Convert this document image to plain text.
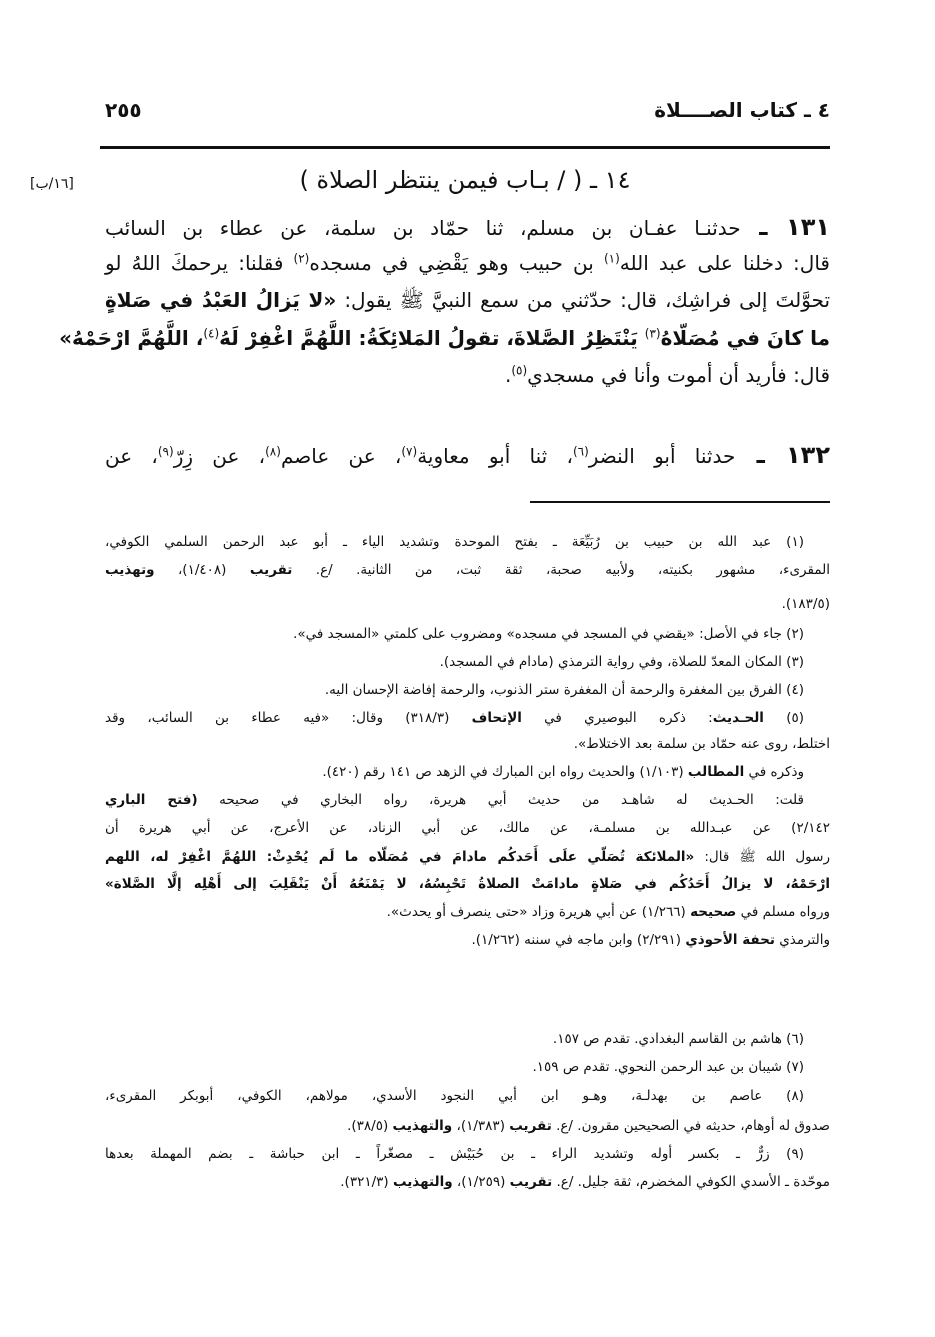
٤ ـ كتاب الصــــلاة
٢٥٥
[١٦/ب]	١٤ ـ ( / بـاب فيمن ينتظر الصلاة )
١٣١ ـ حدثنـا عفـان بن مسلم، ثنا حمّاد بن سلمة، عن عطاء بن السائب
قال: دخلنا على عبد الله$^{(١)}$ بن حبيب وهو يَقْضِي في مسجده$^{(٢)}$ فقلنا: يرحمكَ اللهُ لو
تحوَّلتَ إلى فراشِك، قال: حدّثني من سمع النبيَّ ﷺ يقول: «لا يَزالُ العَبْدُ في صَلاةٍ
ما كانَ في مُصَلّاهُ$^{(٣)}$ يَنْتَظِرُ الصَّلاةَ، تقولُ المَلائِكَةُ: اللَّهُمَّ اغْفِرْ لَهُ$^{(٤)}$، اللَّهُمَّ ارْحَمْهُ»
قال: فأريد أن أموت وأنا في مسجدي$^{(٥)}$.
١٣٢ ـ حدثنا أبو النضر$^{(٦)}$، ثنا أبو معاوية$^{(٧)}$، عن عاصم$^{(٨)}$، عن زِرّ$^{(٩)}$، عن
(١) عبد الله بن حبيب بن رُبَيِّعَة ـ بفتح الموحدة وتشديد الياء ـ أبو عبد الرحمن السلمي الكوفي،
المقرىء، مشهور بكنيته، ولأبيه صحبة، ثقة ثبت، من الثانية. /ع. تقريب (١/٤٠٨)، وتهذيب
(١٨٣/٥).
(٢) جاء في الأصل: «يقضي في المسجد في مسجده» ومضروب على كلمتي «المسجد في».
(٣) المكان المعدّ للصلاة، وفي رواية الترمذي (مادام في المسجد).
(٤) الفرق بين المغفرة والرحمة أن المغفرة ستر الذنوب، والرحمة إفاضة الإحسان اليه.
(٥) الحـديث: ذكره البوصيري في الإتحاف (٣١٨/٣) وقال: «فيه عطاء بن السائب، وقد
اختلط، روى عنه حمّاد بن سلمة بعد الاختلاط».
وذكره في المطالب (١/١٠٣) والحديث رواه ابن المبارك في الزهد ص ١٤١ رقم (٤٢٠).
قلت: الحـديث له شاهـد من حديث أبي هريرة، رواه البخاري في صحيحه (فتح الباري
٢/١٤٢) عن عبـدالله بن مسلمـة، عن مالك، عن أبي الزناد، عن الأعرج، عن أبي هريرة أن
رسول الله ﷺ قال: «الملائكة تُصَلّي علَى أَحَدكُم مادامَ في مُصَلّاه ما لَم يُحْدِثْ: اللهُمَّ اغْفِرْ له، اللهم
ارْحَمْهُ، لا يزالُ أَحَدُكُم في صَلاةٍ مادامَتْ الصلاةُ تَحْبِسُهُ، لا يَمْنَعُهُ أَنْ يَنْقَلِبَ إلى أَهْلِه إلَّا الصَّلاة»
ورواه مسلم في صحيحه (١/٢٦٦) عن أبي هريرة وزاد «حتى ينصرف أو يحدث».
والترمذي تحفة الأحوذي (٢/٢٩١) وابن ماجه في سننه (١/٢٦٢).
(٦) هاشم بن القاسم البغدادي. تقدم ص ١٥٧.
(٧) شيبان بن عبد الرحمن النحوي. تقدم ص ١٥٩.
(٨) عاصم بن بهدلـة، وهـو ابن أبي النجود الأسدي، مولاهم، الكوفي، أبوبكر المقرىء،
صدوق له أوهام، حديثه في الصحيحين مقرون. /ع. تقريب (١/٣٨٣)، والتهذيب (٣٨/٥).
(٩) زرٌّ ـ بكسر أوله وتشديد الراء ـ بن حُبَيْش ـ مصغّراً ـ ابن حباشة ـ بضم المهملة بعدها
موحّدة ـ الأسدي الكوفي المخضرم، ثقة جليل. /ع. تقريب (١/٢٥٩)، والتهذيب (٣٢١/٣).
